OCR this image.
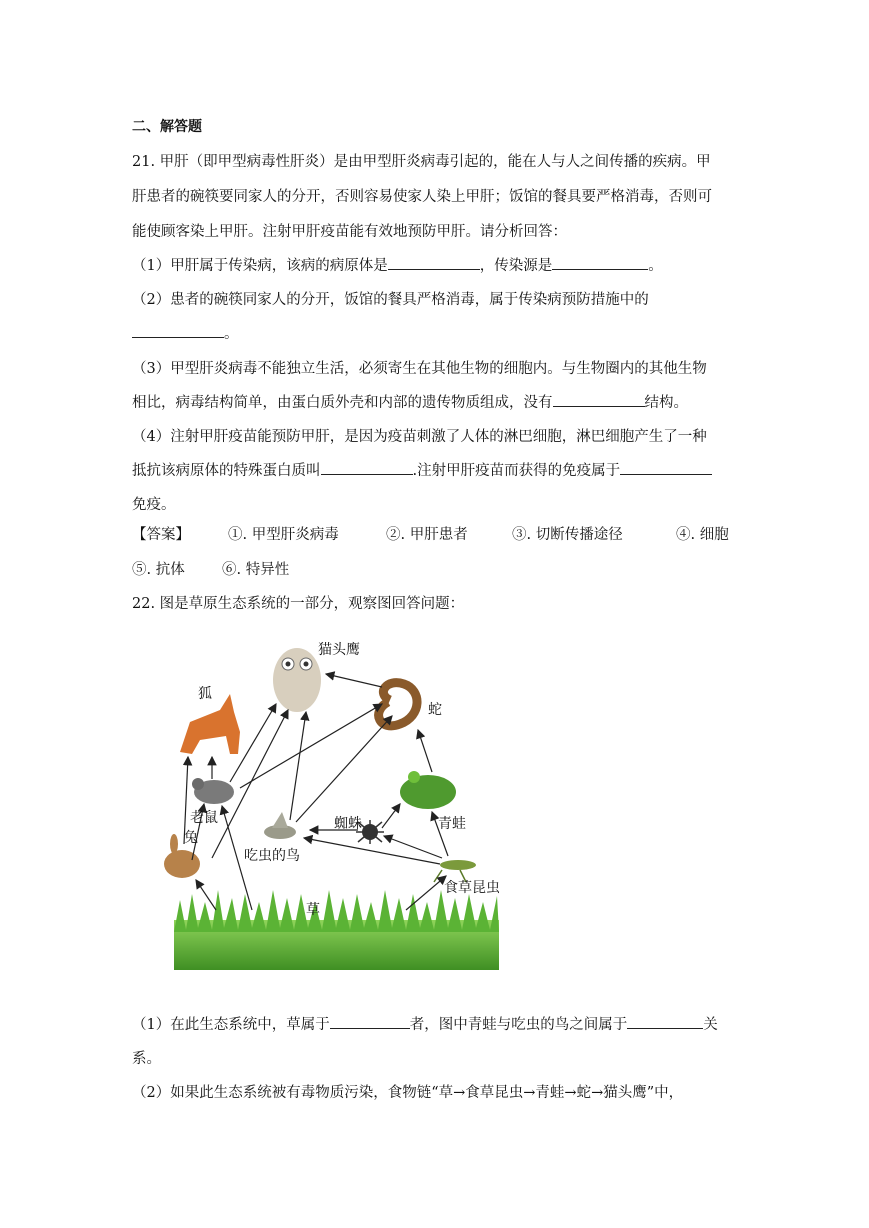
二、解答题
21. 甲肝（即甲型病毒性肝炎）是由甲型肝炎病毒引起的，能在人与人之间传播的疾病。甲
肝患者的碗筷要同家人的分开，否则容易使家人染上甲肝；饭馆的餐具要严格消毒，否则可
能使顾客染上甲肝。注射甲肝疫苗能有效地预防甲肝。请分析回答：
（1）甲肝属于传染病，该病的病原体是	，传染源是	。
（2）患者的碗筷同家人的分开，饭馆的餐具严格消毒，属于传染病预防措施中的
。
（3）甲型肝炎病毒不能独立生活，必须寄生在其他生物的细胞内。与生物圈内的其他生物
相比，病毒结构简单，由蛋白质外壳和内部的遗传物质组成，没有	结构。
（4）注射甲肝疫苗能预防甲肝，是因为疫苗刺激了人体的淋巴细胞，淋巴细胞产生了一种
抵抗该病原体的特殊蛋白质叫	.注射甲肝疫苗而获得的免疫属于
免疫。
【答案】	①. 甲型肝炎病毒	②. 甲肝患者	③. 切断传播途径	④. 细胞
⑤. 抗体	⑥. 特异性
22. 图是草原生态系统的一部分，观察图回答问题：
猫头鹰
狐
蛇
老鼠	青蛙
蜘蛛
兔
吃虫的鸟
食草昆虫
草
（1）在此生态系统中，草属于	者，图中青蛙与吃虫的鸟之间属于	关
系。
（2）如果此生态系统被有毒物质污染，食物链“草→食草昆虫→青蛙→蛇→猫头鹰”中，
